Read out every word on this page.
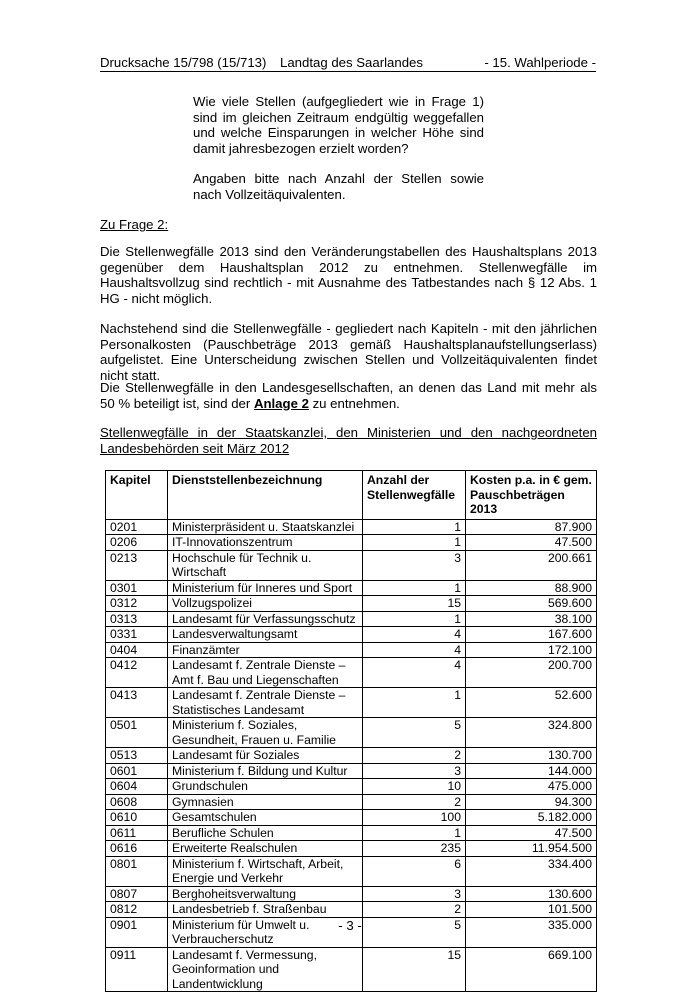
Drucksache 15/798 (15/713) Landtag des Saarlandes	- 15. Wahlperiode -
Wie viele Stellen (aufgegliedert wie in Frage 1) sind im gleichen Zeitraum endgültig weggefallen und welche Einsparungen in welcher Höhe sind damit jahresbezogen erzielt worden?
Angaben bitte nach Anzahl der Stellen sowie nach Vollzeitäquivalenten.
Zu Frage 2:
Die Stellenwegfälle 2013 sind den Veränderungstabellen des Haushaltsplans 2013 gegenüber dem Haushaltsplan 2012 zu entnehmen. Stellenwegfälle im Haushaltsvollzug sind rechtlich - mit Ausnahme des Tatbestandes nach § 12 Abs. 1 HG - nicht möglich.
Nachstehend sind die Stellenwegfälle - gegliedert nach Kapiteln - mit den jährlichen Personalkosten (Pauschbeträge 2013 gemäß Haushaltsplanaufstellungserlass) aufgelistet. Eine Unterscheidung zwischen Stellen und Vollzeitäquivalenten findet nicht statt.
Die Stellenwegfälle in den Landesgesellschaften, an denen das Land mit mehr als 50 % beteiligt ist, sind der Anlage 2 zu entnehmen.
Stellenwegfälle in der Staatskanzlei, den Ministerien und den nachgeordneten Landesbehörden seit März 2012
Kapitel	Dienststellenbezeichnung	Anzahl der Stellenwegfälle	Kosten p.a. in € gem. Pauschbeträgen 2013
0201	Ministerpräsident u. Staatskanzlei	1	87.900
0206	IT-Innovationszentrum	1	47.500
0213	Hochschule für Technik u. Wirtschaft	3	200.661
0301	Ministerium für Inneres und Sport	1	88.900
0312	Vollzugspolizei	15	569.600
0313	Landesamt für Verfassungsschutz	1	38.100
0331	Landesverwaltungsamt	4	167.600
0404	Finanzämter	4	172.100
0412	Landesamt f. Zentrale Dienste – Amt f. Bau und Liegenschaften	4	200.700
0413	Landesamt f. Zentrale Dienste – Statistisches Landesamt	1	52.600
0501	Ministerium f. Soziales, Gesundheit, Frauen u. Familie	5	324.800
0513	Landesamt für Soziales	2	130.700
0601	Ministerium f. Bildung und Kultur	3	144.000
0604	Grundschulen	10	475.000
0608	Gymnasien	2	94.300
0610	Gesamtschulen	100	5.182.000
0611	Berufliche Schulen	1	47.500
0616	Erweiterte Realschulen	235	11.954.500
0801	Ministerium f. Wirtschaft, Arbeit, Energie und Verkehr	6	334.400
0807	Berghoheitsverwaltung	3	130.600
0812	Landesbetrieb f. Straßenbau	2	101.500
0901	Ministerium für Umwelt u. Verbraucherschutz	5	335.000
0911	Landesamt f. Vermessung, Geoinformation und Landentwicklung	15	669.100
- 3 -
